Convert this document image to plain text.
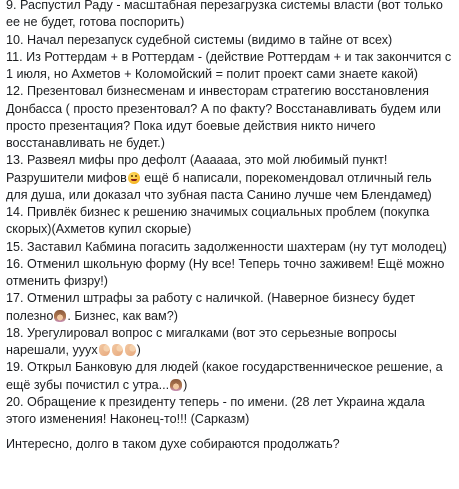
9. Распустил Раду - масштабная перезагрузка системы власти (вот только ее не будет, готова поспорить)

10. Начал перезапуск судебной системы (видимо в тайне от всех)

11. Из Роттердам + в Роттердам - (действие Роттердам + и так закончится с 1 июля, но Ахметов + Коломойский = полит проект сами знаете какой)

12. Презентовал бизнесменам и инвесторам стратегию восстановления Донбасса ( просто презентовал? А по факту? Восстанавливать будем или просто презентация? Пока идут боевые действия никто ничего восстанавливать не будет.)

13. Развеял мифы про дефолт (Аааааа, это мой любимый пункт! Разрушители мифов ещё б написали, порекомендовал отличный гель для душа, или доказал что зубная паста Санино лучше чем Блендамед)

14. Привлёк бизнес к решению значимых социальных проблем (покупка скорых)(Ахметов купил скорые)

15. Заставил Кабмина погасить задолженности шахтерам (ну тут молодец)

16. Отменил школьную форму (Ну все! Теперь точно заживем! Ещё можно отменить физру!)

17. Отменил штрафы за работу с наличкой. (Наверное бизнесу будет полезно . Бизнес, как вам?)

18. Урегулировал вопрос с мигалками (вот это серьезные вопросы нарешали, ууух	)

19. Открыл Банковую для людей (какое государственническое решение, а ещё зубы почистил с утра... )

20. Обращение к президенту теперь - по имени. (28 лет Украина ждала этого изменения! Наконец-то!!! (Сарказм)

Интересно, долго в таком духе собираются продолжать?
